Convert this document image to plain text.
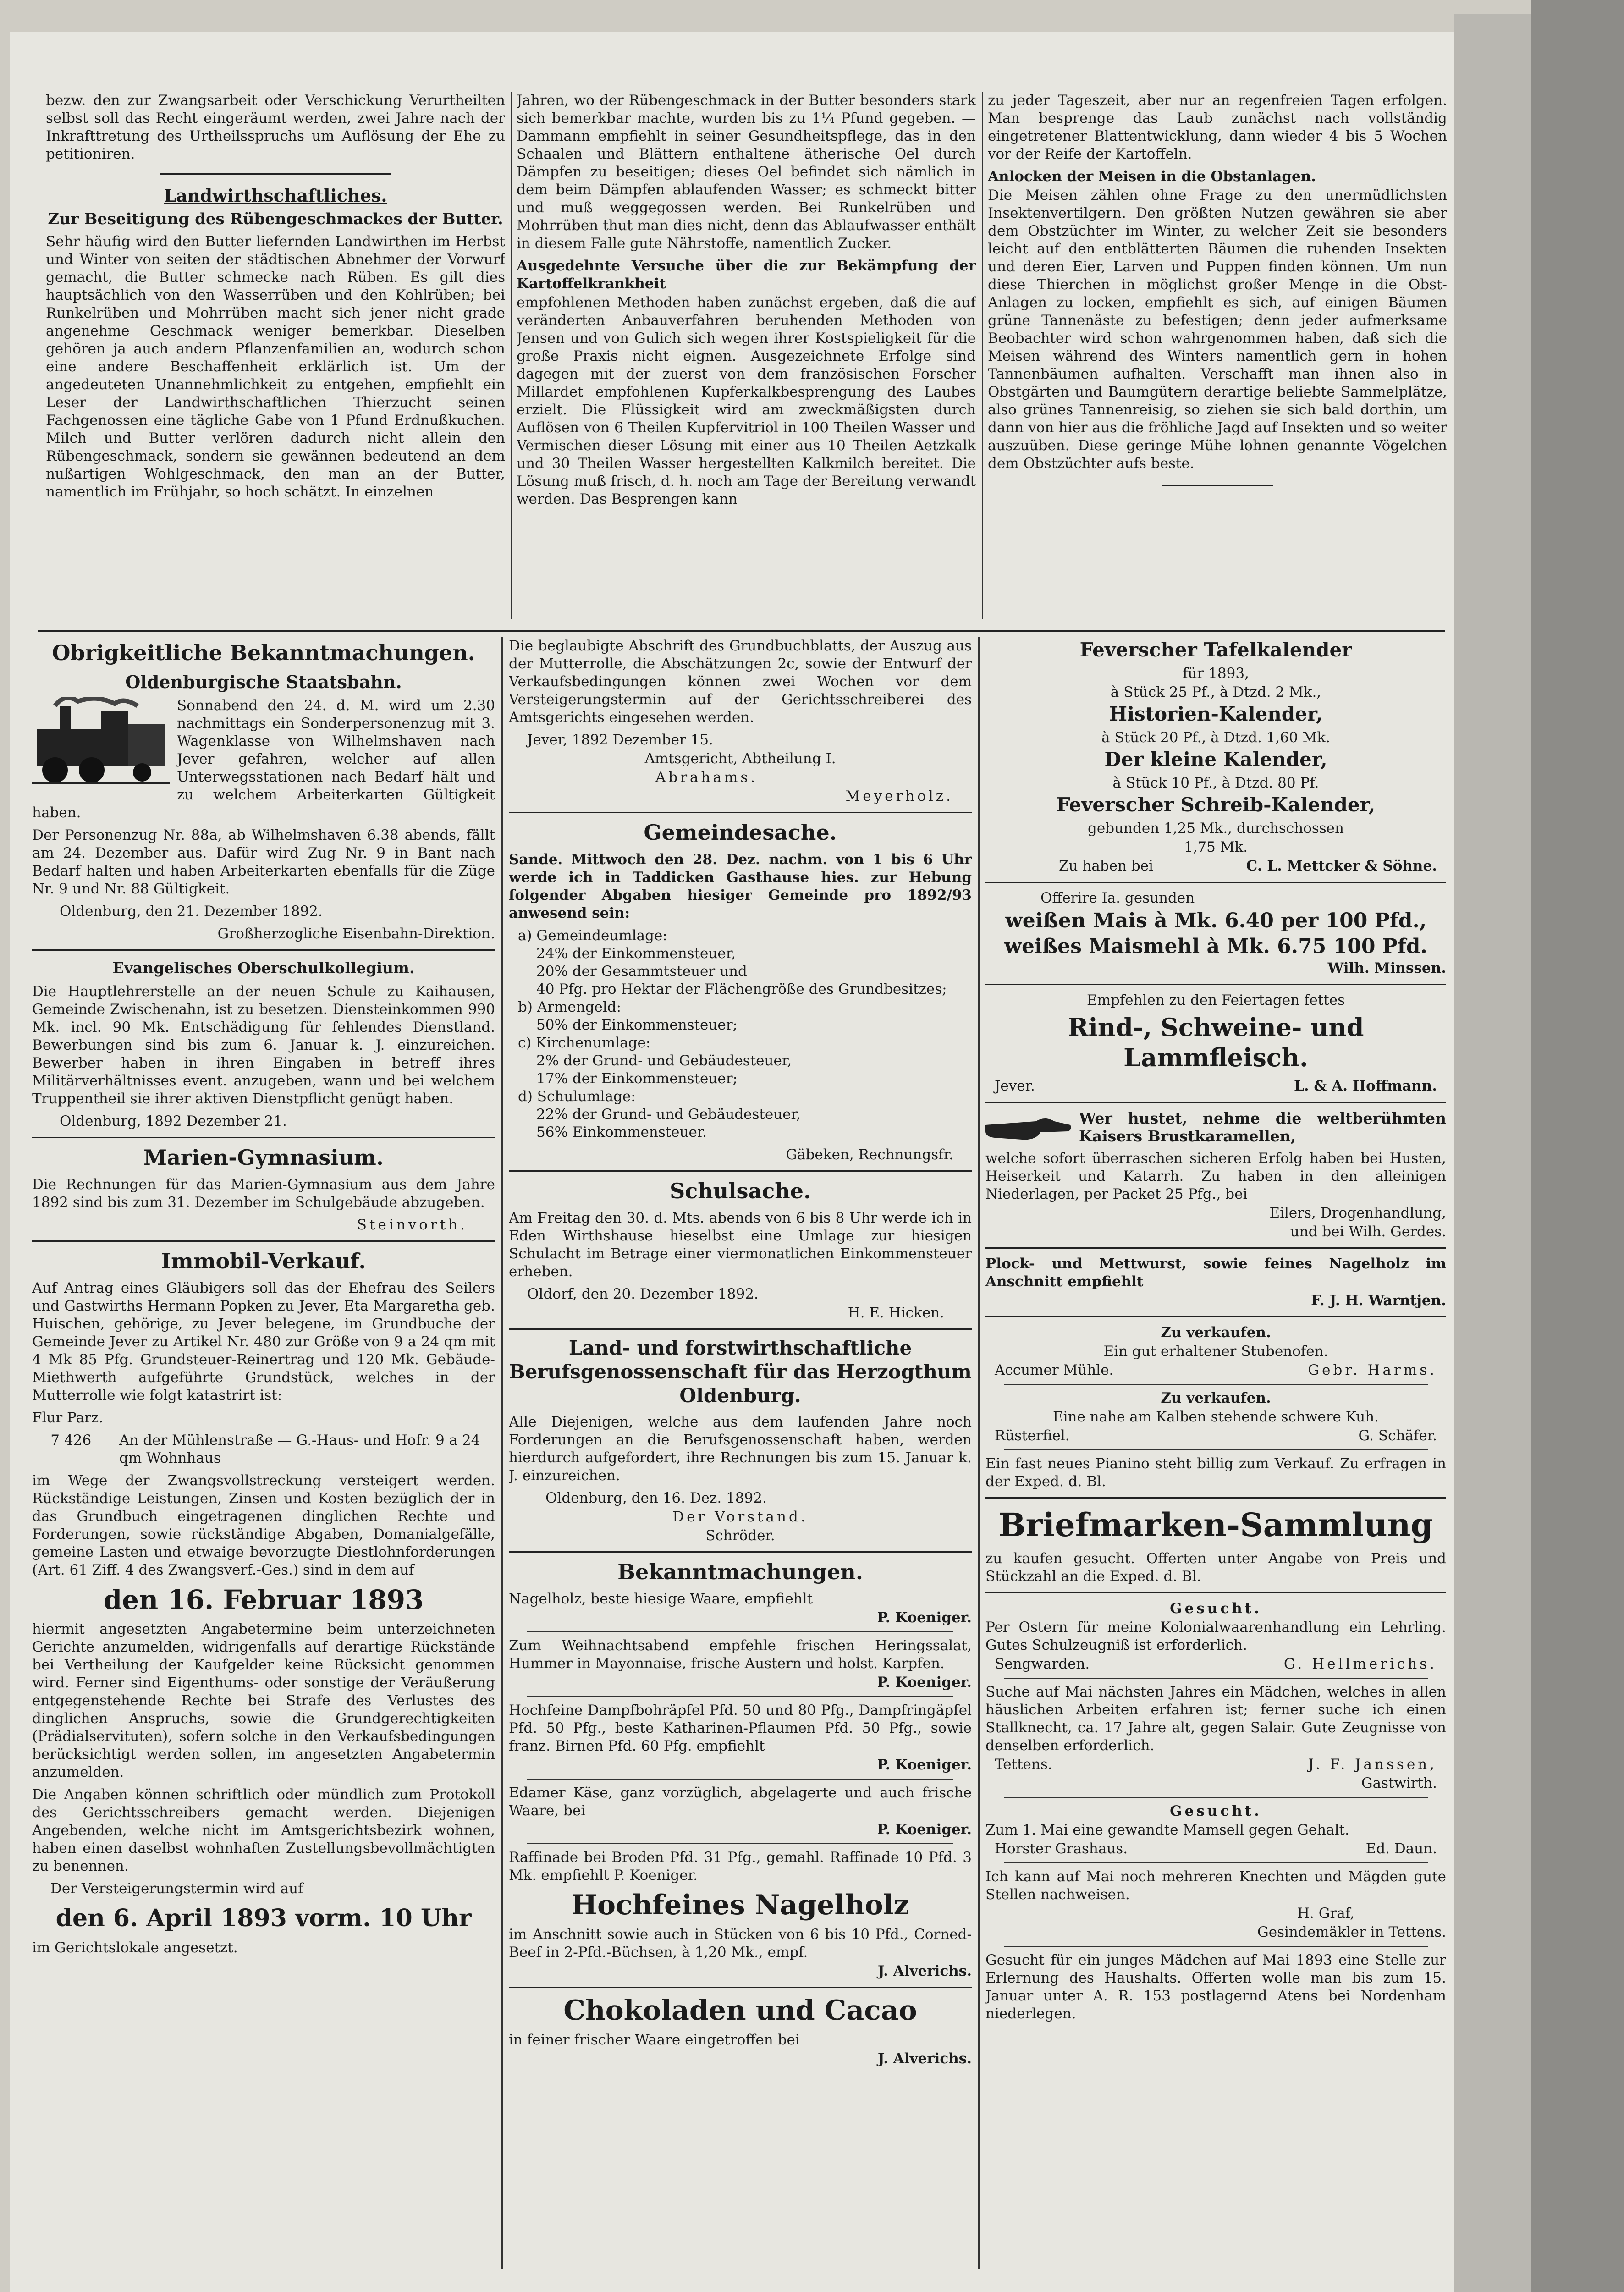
bezw. den zur Zwangsarbeit oder Verschickung Verurtheilten selbst soll das Recht eingeräumt werden, zwei Jahre nach der Inkrafttretung des Urtheilsspruchs um Auflösung der Ehe zu petitioniren.

Landwirthschaftliches.

Zur Beseitigung des Rübengeschmackes der Butter.

Sehr häufig wird den Butter liefernden Landwirthen im Herbst und Winter von seiten der städtischen Abnehmer der Vorwurf gemacht, die Butter schmecke nach Rüben. Es gilt dies hauptsächlich von den Wasserrüben und den Kohlrüben; bei Runkelrüben und Mohrrüben macht sich jener nicht grade angenehme Geschmack weniger bemerkbar. Dieselben gehören ja auch andern Pflanzenfamilien an, wodurch schon eine andere Beschaffenheit erklärlich ist. Um der angedeuteten Unannehmlichkeit zu entgehen, empfiehlt ein Leser der Landwirthschaftlichen Thierzucht seinen Fachgenossen eine tägliche Gabe von 1 Pfund Erdnußkuchen. Milch und Butter verlören dadurch nicht allein den Rübengeschmack, sondern sie gewännen bedeutend an dem nußartigen Wohlgeschmack, den man an der Butter, namentlich im Frühjahr, so hoch schätzt. In einzelnen

Jahren, wo der Rübengeschmack in der Butter besonders stark sich bemerkbar machte, wurden bis zu 1¼ Pfund gegeben. — Dammann empfiehlt in seiner Gesundheitspflege, das in den Schaalen und Blättern enthaltene ätherische Oel durch Dämpfen zu beseitigen; dieses Oel befindet sich nämlich in dem beim Dämpfen ablaufenden Wasser; es schmeckt bitter und muß weggegossen werden. Bei Runkelrüben und Mohrrüben thut man dies nicht, denn das Ablaufwasser enthält in diesem Falle gute Nährstoffe, namentlich Zucker.

Ausgedehnte Versuche über die zur Bekämpfung der Kartoffelkrankheit

empfohlenen Methoden haben zunächst ergeben, daß die auf veränderten Anbauverfahren beruhenden Methoden von Jensen und von Gulich sich wegen ihrer Kostspieligkeit für die große Praxis nicht eignen. Ausgezeichnete Erfolge sind dagegen mit der zuerst von dem französischen Forscher Millardet empfohlenen Kupferkalkbesprengung des Laubes erzielt. Die Flüssigkeit wird am zweckmäßigsten durch Auflösen von 6 Theilen Kupfervitriol in 100 Theilen Wasser und Vermischen dieser Lösung mit einer aus 10 Theilen Aetzkalk und 30 Theilen Wasser hergestellten Kalkmilch bereitet. Die Lösung muß frisch, d. h. noch am Tage der Bereitung verwandt werden. Das Besprengen kann

zu jeder Tageszeit, aber nur an regenfreien Tagen erfolgen. Man besprenge das Laub zunächst nach vollständig eingetretener Blattentwicklung, dann wieder 4 bis 5 Wochen vor der Reife der Kartoffeln.

Anlocken der Meisen in die Obstanlagen.

Die Meisen zählen ohne Frage zu den unermüdlichsten Insektenvertilgern. Den größten Nutzen gewähren sie aber dem Obstzüchter im Winter, zu welcher Zeit sie besonders leicht auf den entblätterten Bäumen die ruhenden Insekten und deren Eier, Larven und Puppen finden können. Um nun diese Thierchen in möglichst großer Menge in die Obst-Anlagen zu locken, empfiehlt es sich, auf einigen Bäumen grüne Tannenäste zu befestigen; denn jeder aufmerksame Beobachter wird schon wahrgenommen haben, daß sich die Meisen während des Winters namentlich gern in hohen Tannenbäumen aufhalten. Verschafft man ihnen also in Obstgärten und Baumgütern derartige beliebte Sammelplätze, also grünes Tannenreisig, so ziehen sie sich bald dorthin, um dann von hier aus die fröhliche Jagd auf Insekten und so weiter auszuüben. Diese geringe Mühe lohnen genannte Vögelchen dem Obstzüchter aufs beste.

Obrigkeitliche Bekanntmachungen.
Oldenburgische Staatsbahn.

Sonnabend den 24. d. M. wird um 2.30 nachmittags ein Sonderpersonenzug mit 3. Wagenklasse von Wilhelmshaven nach Jever gefahren, welcher auf allen Unterwegsstationen nach Bedarf hält und zu welchem Arbeiterkarten Gültigkeit haben.

Der Personenzug Nr. 88a, ab Wilhelmshaven 6.38 abends, fällt am 24. Dezember aus. Dafür wird Zug Nr. 9 in Bant nach Bedarf halten und haben Arbeiterkarten ebenfalls für die Züge Nr. 9 und Nr. 88 Gültigkeit.

Oldenburg, den 21. Dezember 1892.

Großherzogliche Eisenbahn-Direktion.

Evangelisches Oberschulkollegium.

Die Hauptlehrerstelle an der neuen Schule zu Kaihausen, Gemeinde Zwischenahn, ist zu besetzen. Diensteinkommen 990 Mk. incl. 90 Mk. Entschädigung für fehlendes Dienstland. Bewerbungen sind bis zum 6. Januar k. J. einzureichen. Bewerber haben in ihren Eingaben in betreff ihres Militärverhältnisses event. anzugeben, wann und bei welchem Truppentheil sie ihrer aktiven Dienstpflicht genügt haben.

Oldenburg, 1892 Dezember 21.

Marien-Gymnasium.

Die Rechnungen für das Marien-Gymnasium aus dem Jahre 1892 sind bis zum 31. Dezember im Schulgebäude abzugeben.

Steinvorth.

Immobil-Verkauf.

Auf Antrag eines Gläubigers soll das der Ehefrau des Seilers und Gastwirths Hermann Popken zu Jever, Eta Margaretha geb. Huischen, gehörige, zu Jever belegene, im Grundbuche der Gemeinde Jever zu Artikel Nr. 480 zur Größe von 9 a 24 qm mit 4 Mk 85 Pfg. Grundsteuer-Reinertrag und 120 Mk. Gebäude-Miethwerth aufgeführte Grundstück, welches in der Mutterrolle wie folgt katastrirt ist:

Flur Parz.

7 426	An der Mühlenstraße — G.-Haus- und Hofr. 9 a 24 qm Wohnhaus

im Wege der Zwangsvollstreckung versteigert werden. Rückständige Leistungen, Zinsen und Kosten bezüglich der in das Grundbuch eingetragenen dinglichen Rechte und Forderungen, sowie rückständige Abgaben, Domanialgefälle, gemeine Lasten und etwaige bevorzugte Diestlohnforderungen (Art. 61 Ziff. 4 des Zwangsverf.-Ges.) sind in dem auf

den 16. Februar 1893

hiermit angesetzten Angabetermine beim unterzeichneten Gerichte anzumelden, widrigenfalls auf derartige Rückstände bei Vertheilung der Kaufgelder keine Rücksicht genommen wird. Ferner sind Eigenthums- oder sonstige der Veräußerung entgegenstehende Rechte bei Strafe des Verlustes des dinglichen Anspruchs, sowie die Grundgerechtigkeiten (Prädialservituten), sofern solche in den Verkaufsbedingungen berücksichtigt werden sollen, im angesetzten Angabetermin anzumelden.

Die Angaben können schriftlich oder mündlich zum Protokoll des Gerichtsschreibers gemacht werden. Diejenigen Angebenden, welche nicht im Amtsgerichtsbezirk wohnen, haben einen daselbst wohnhaften Zustellungsbevollmächtigten zu benennen.

Der Versteigerungstermin wird auf

den 6. April 1893 vorm. 10 Uhr

im Gerichtslokale angesetzt.

Die beglaubigte Abschrift des Grundbuchblatts, der Auszug aus der Mutterrolle, die Abschätzungen 2c, sowie der Entwurf der Verkaufsbedingungen können zwei Wochen vor dem Versteigerungstermin auf der Gerichtsschreiberei des Amtsgerichts eingesehen werden.

Jever, 1892 Dezember 15.

Amtsgericht, Abtheilung I.

Abrahams.

Meyerholz.

Gemeindesache.

Sande. Mittwoch den 28. Dez. nachm. von 1 bis 6 Uhr werde ich in Taddicken Gasthause hies. zur Hebung folgender Abgaben hiesiger Gemeinde pro 1892/93 anwesend sein:

a) Gemeindeumlage:
24% der Einkommensteuer,
20% der Gesammtsteuer und
40 Pfg. pro Hektar der Flächengröße des Grundbesitzes;
b) Armengeld:
50% der Einkommensteuer;
c) Kirchenumlage:
2% der Grund- und Gebäudesteuer,
17% der Einkommensteuer;
d) Schulumlage:
22% der Grund- und Gebäudesteuer,
56% Einkommensteuer.

Gäbeken, Rechnungsfr.

Schulsache.

Am Freitag den 30. d. Mts. abends von 6 bis 8 Uhr werde ich in Eden Wirthshause hieselbst eine Umlage zur hiesigen Schulacht im Betrage einer viermonatlichen Einkommensteuer erheben.

Oldorf, den 20. Dezember 1892.

H. E. Hicken.

Land- und forstwirthschaftliche Berufsgenossenschaft für das Herzogthum Oldenburg.

Alle Diejenigen, welche aus dem laufenden Jahre noch Forderungen an die Berufsgenossenschaft haben, werden hierdurch aufgefordert, ihre Rechnungen bis zum 15. Januar k. J. einzureichen.

Oldenburg, den 16. Dez. 1892.

Der Vorstand.

Schröder.

Bekanntmachungen.

Nagelholz, beste hiesige Waare, empfiehlt

P. Koeniger.

Zum Weihnachtsabend empfehle frischen Heringssalat, Hummer in Mayonnaise, frische Austern und holst. Karpfen.

P. Koeniger.

Hochfeine Dampfbohräpfel Pfd. 50 und 80 Pfg., Dampfringäpfel Pfd. 50 Pfg., beste Katharinen-Pflaumen Pfd. 50 Pfg., sowie franz. Birnen Pfd. 60 Pfg. empfiehlt

P. Koeniger.

Edamer Käse, ganz vorzüglich, abgelagerte und auch frische Waare, bei

P. Koeniger.

Raffinade bei Broden Pfd. 31 Pfg., gemahl. Raffinade 10 Pfd. 3 Mk. empfiehlt P. Koeniger.

Hochfeines Nagelholz

im Anschnitt sowie auch in Stücken von 6 bis 10 Pfd., Corned-Beef in 2-Pfd.-Büchsen, à 1,20 Mk., empf.

J. Alverichs.

Chokoladen und Cacao

in feiner frischer Waare eingetroffen bei

J. Alverichs.

Feverscher Tafelkalender

für 1893,

à Stück 25 Pf., à Dtzd. 2 Mk.,

Historien-Kalender,

à Stück 20 Pf., à Dtzd. 1,60 Mk.

Der kleine Kalender,

à Stück 10 Pf., à Dtzd. 80 Pf.

Feverscher Schreib-Kalender,

gebunden 1,25 Mk., durchschossen

1,75 Mk.

Zu haben bei	C. L. Mettcker & Söhne.

Offerire Ia. gesunden

weißen Mais à Mk. 6.40 per 100 Pfd.,
weißes Maismehl à Mk. 6.75 100 Pfd.

Wilh. Minssen.

Empfehlen zu den Feiertagen fettes

Rind-, Schweine- und Lammfleisch.

Jever.	L. & A. Hoffmann.

Wer hustet, nehme die weltberühmten Kaisers Brustkaramellen,

welche sofort überraschen sicheren Erfolg haben bei Husten, Heiserkeit und Katarrh. Zu haben in den alleinigen Niederlagen, per Packet 25 Pfg., bei

Eilers, Drogenhandlung,

und bei Wilh. Gerdes.

Plock- und Mettwurst, sowie feines Nagelholz im Anschnitt empfiehlt

F. J. H. Warntjen.

Zu verkaufen.

Ein gut erhaltener Stubenofen.

Accumer Mühle.	Gebr. Harms.

Zu verkaufen.

Eine nahe am Kalben stehende schwere Kuh.

Rüsterfiel.	G. Schäfer.

Ein fast neues Pianino steht billig zum Verkauf. Zu erfragen in der Exped. d. Bl.

Briefmarken-Sammlung

zu kaufen gesucht. Offerten unter Angabe von Preis und Stückzahl an die Exped. d. Bl.

Gesucht.

Per Ostern für meine Kolonialwaarenhandlung ein Lehrling. Gutes Schulzeugniß ist erforderlich.

Sengwarden.	G. Hellmerichs.

Suche auf Mai nächsten Jahres ein Mädchen, welches in allen häuslichen Arbeiten erfahren ist; ferner suche ich einen Stallknecht, ca. 17 Jahre alt, gegen Salair. Gute Zeugnisse von denselben erforderlich.

Tettens.	J. F. Janssen,

Gastwirth.

Gesucht.

Zum 1. Mai eine gewandte Mamsell gegen Gehalt.

Horster Grashaus.	Ed. Daun.

Ich kann auf Mai noch mehreren Knechten und Mägden gute Stellen nachweisen.

H. Graf,

Gesindemäkler in Tettens.

Gesucht für ein junges Mädchen auf Mai 1893 eine Stelle zur Erlernung des Haushalts. Offerten wolle man bis zum 15. Januar unter A. R. 153 postlagernd Atens bei Nordenham niederlegen.
